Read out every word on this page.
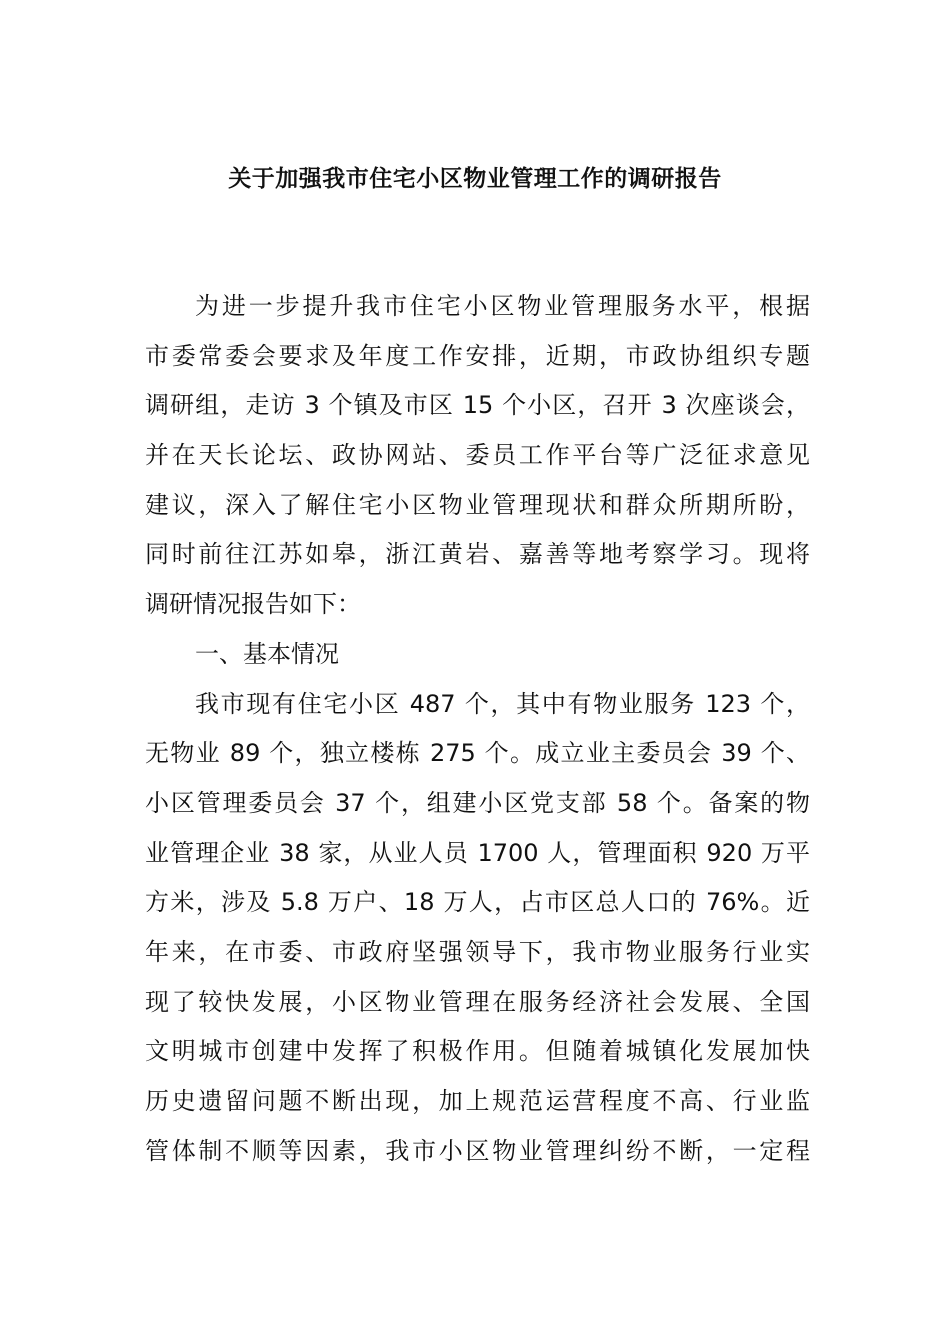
关于加强我市住宅小区物业管理工作的调研报告
为进一步提升我市住宅小区物业管理服务水平，根据
市委常委会要求及年度工作安排，近期，市政协组织专题
调研组，走访 3 个镇及市区 15 个小区，召开 3 次座谈会，
并在天长论坛、政协网站、委员工作平台等广泛征求意见
建议，深入了解住宅小区物业管理现状和群众所期所盼，
同时前往江苏如皋，浙江黄岩、嘉善等地考察学习。现将
调研情况报告如下：
一、基本情况
我市现有住宅小区 487 个，其中有物业服务 123 个，
无物业 89 个，独立楼栋 275 个。成立业主委员会 39 个、
小区管理委员会 37 个，组建小区党支部 58 个。备案的物
业管理企业 38 家，从业人员 1700 人，管理面积 920 万平
方米，涉及 5.8 万户、18 万人，占市区总人口的 76%。近
年来，在市委、市政府坚强领导下，我市物业服务行业实
现了较快发展，小区物业管理在服务经济社会发展、全国
文明城市创建中发挥了积极作用。但随着城镇化发展加快
历史遗留问题不断出现，加上规范运营程度不高、行业监
管体制不顺等因素，我市小区物业管理纠纷不断，一定程
